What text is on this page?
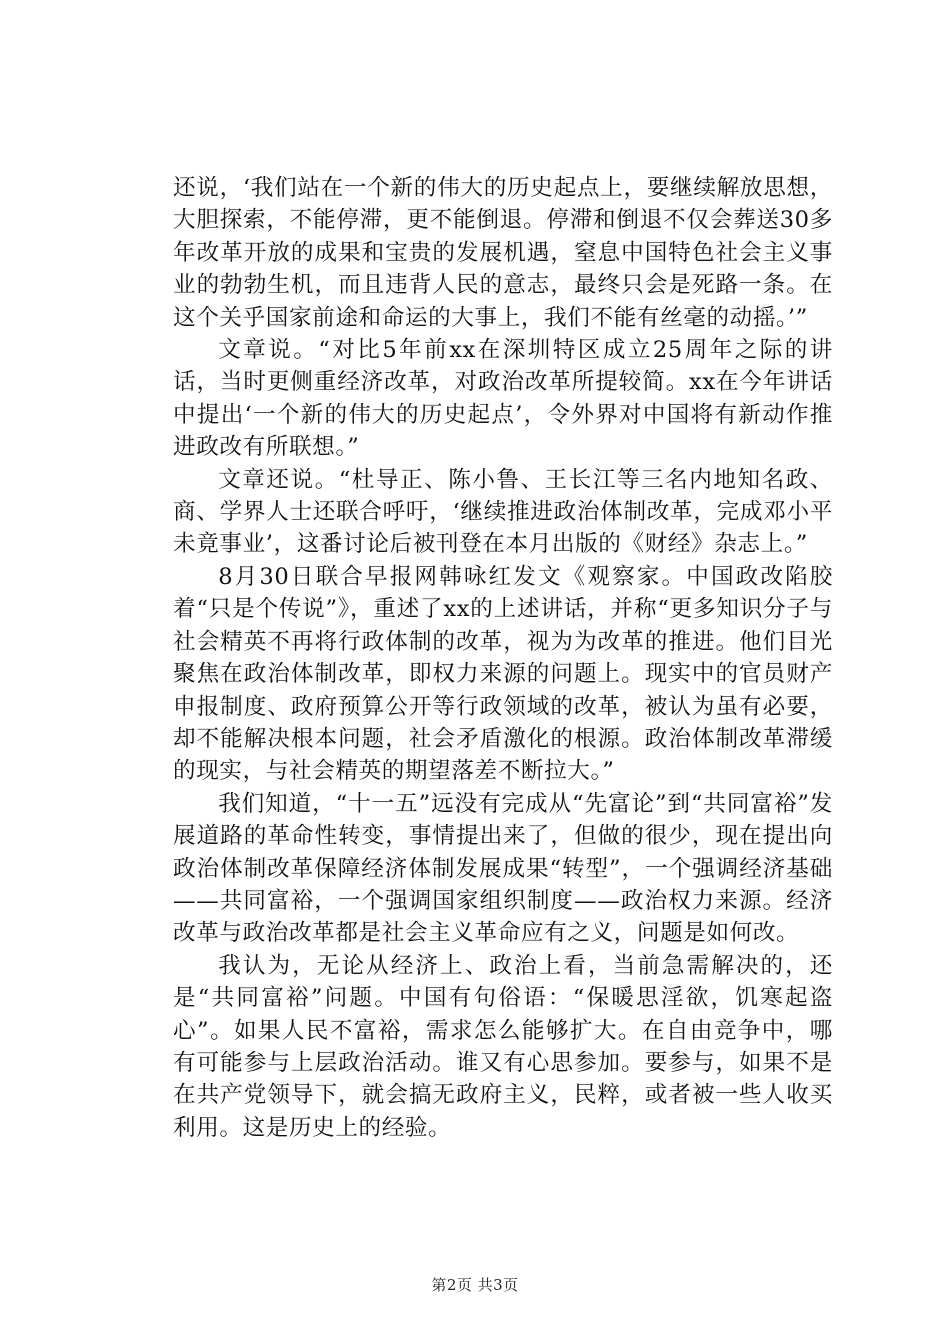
还说，‘我们站在一个新的伟大的历史起点上，要继续解放思想，大胆探索，不能停滞，更不能倒退。停滞和倒退不仅会葬送30多年改革开放的成果和宝贵的发展机遇，窒息中国特色社会主义事业的勃勃生机，而且违背人民的意志，最终只会是死路一条。在这个关乎国家前途和命运的大事上，我们不能有丝毫的动摇。’”

文章说。“对比5年前xx在深圳特区成立25周年之际的讲话，当时更侧重经济改革，对政治改革所提较简。xx在今年讲话中提出‘一个新的伟大的历史起点’，令外界对中国将有新动作推进政改有所联想。”

文章还说。“杜导正、陈小鲁、王长江等三名内地知名政、商、学界人士还联合呼吁，‘继续推进政治体制改革，完成邓小平未竟事业’，这番讨论后被刊登在本月出版的《财经》杂志上。”

8月30日联合早报网韩咏红发文《观察家。中国政改陷胶着“只是个传说”》，重述了xx的上述讲话，并称“更多知识分子与社会精英不再将行政体制的改革，视为为改革的推进。他们目光聚焦在政治体制改革，即权力来源的问题上。现实中的官员财产申报制度、政府预算公开等行政领域的改革，被认为虽有必要，却不能解决根本问题，社会矛盾激化的根源。政治体制改革滞缓的现实，与社会精英的期望落差不断拉大。”

我们知道，“十一五”远没有完成从“先富论”到“共同富裕”发展道路的革命性转变，事情提出来了，但做的很少，现在提出向政治体制改革保障经济体制发展成果“转型”，一个强调经济基础——共同富裕，一个强调国家组织制度——政治权力来源。经济改革与政治改革都是社会主义革命应有之义，问题是如何改。

我认为，无论从经济上、政治上看，当前急需解决的，还是“共同富裕”问题。中国有句俗语：“保暖思淫欲，饥寒起盗心”。如果人民不富裕，需求怎么能够扩大。在自由竞争中，哪有可能参与上层政治活动。谁又有心思参加。要参与，如果不是在共产党领导下，就会搞无政府主义，民粹，或者被一些人收买利用。这是历史上的经验。

第2页 共3页
